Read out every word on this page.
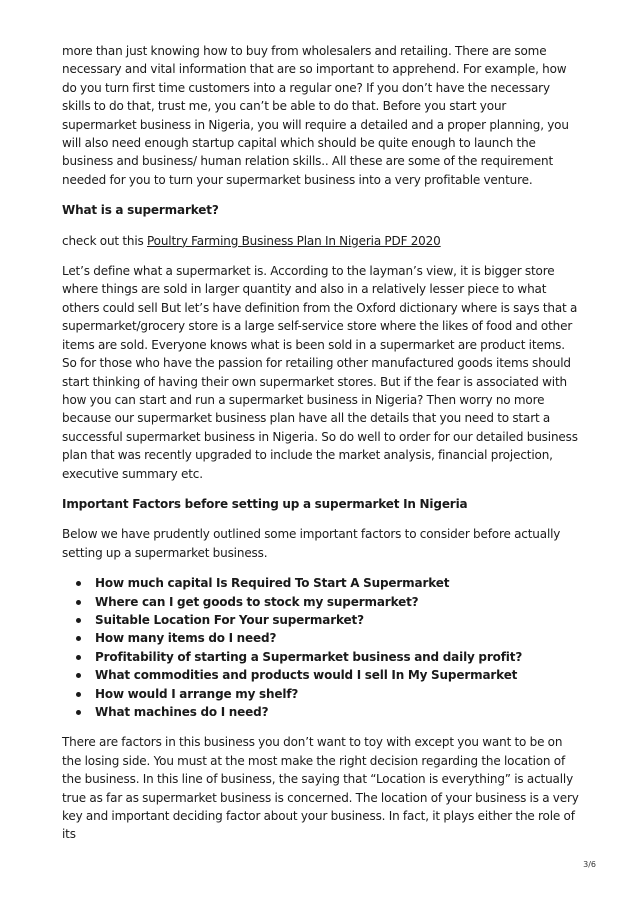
more than just knowing how to buy from wholesalers and retailing. There are some necessary and vital information that are so important to apprehend. For example, how do you turn first time customers into a regular one? If you don’t have the necessary skills to do that, trust me, you can’t be able to do that. Before you start your supermarket business in Nigeria, you will require a detailed and a proper planning, you will also need enough startup capital which should be quite enough to launch the business and business/ human relation skills.. All these are some of the requirement needed for you to turn your supermarket business into a very profitable venture.

What is a supermarket?

check out this Poultry Farming Business Plan In Nigeria PDF 2020

Let’s define what a supermarket is. According to the layman’s view, it is bigger store where things are sold in larger quantity and also in a relatively lesser piece to what others could sell But let’s have definition from the Oxford dictionary where is says that a supermarket/grocery store is a large self-service store where the likes of food and other items are sold. Everyone knows what is been sold in a supermarket are product items. So for those who have the passion for retailing other manufactured goods items should start thinking of having their own supermarket stores. But if the fear is associated with how you can start and run a supermarket business in Nigeria? Then worry no more because our supermarket business plan have all the details that you need to start a successful supermarket business in Nigeria. So do well to order for our detailed business plan that was recently upgraded to include the market analysis, financial projection, executive summary etc.

Important Factors before setting up a supermarket In Nigeria

Below we have prudently outlined some important factors to consider before actually setting up a supermarket business.

How much capital Is Required To Start A Supermarket
Where can I get goods to stock my supermarket?
Suitable Location For Your supermarket?
How many items do I need?
Profitability of starting a Supermarket business and daily profit?
What commodities and products would I sell In My Supermarket
How would I arrange my shelf?
What machines do I need?

There are factors in this business you don’t want to toy with except you want to be on the losing side. You must at the most make the right decision regarding the location of the business. In this line of business, the saying that “Location is everything” is actually true as far as supermarket business is concerned. The location of your business is a very key and important deciding factor about your business. In fact, it plays either the role of its

3/6
